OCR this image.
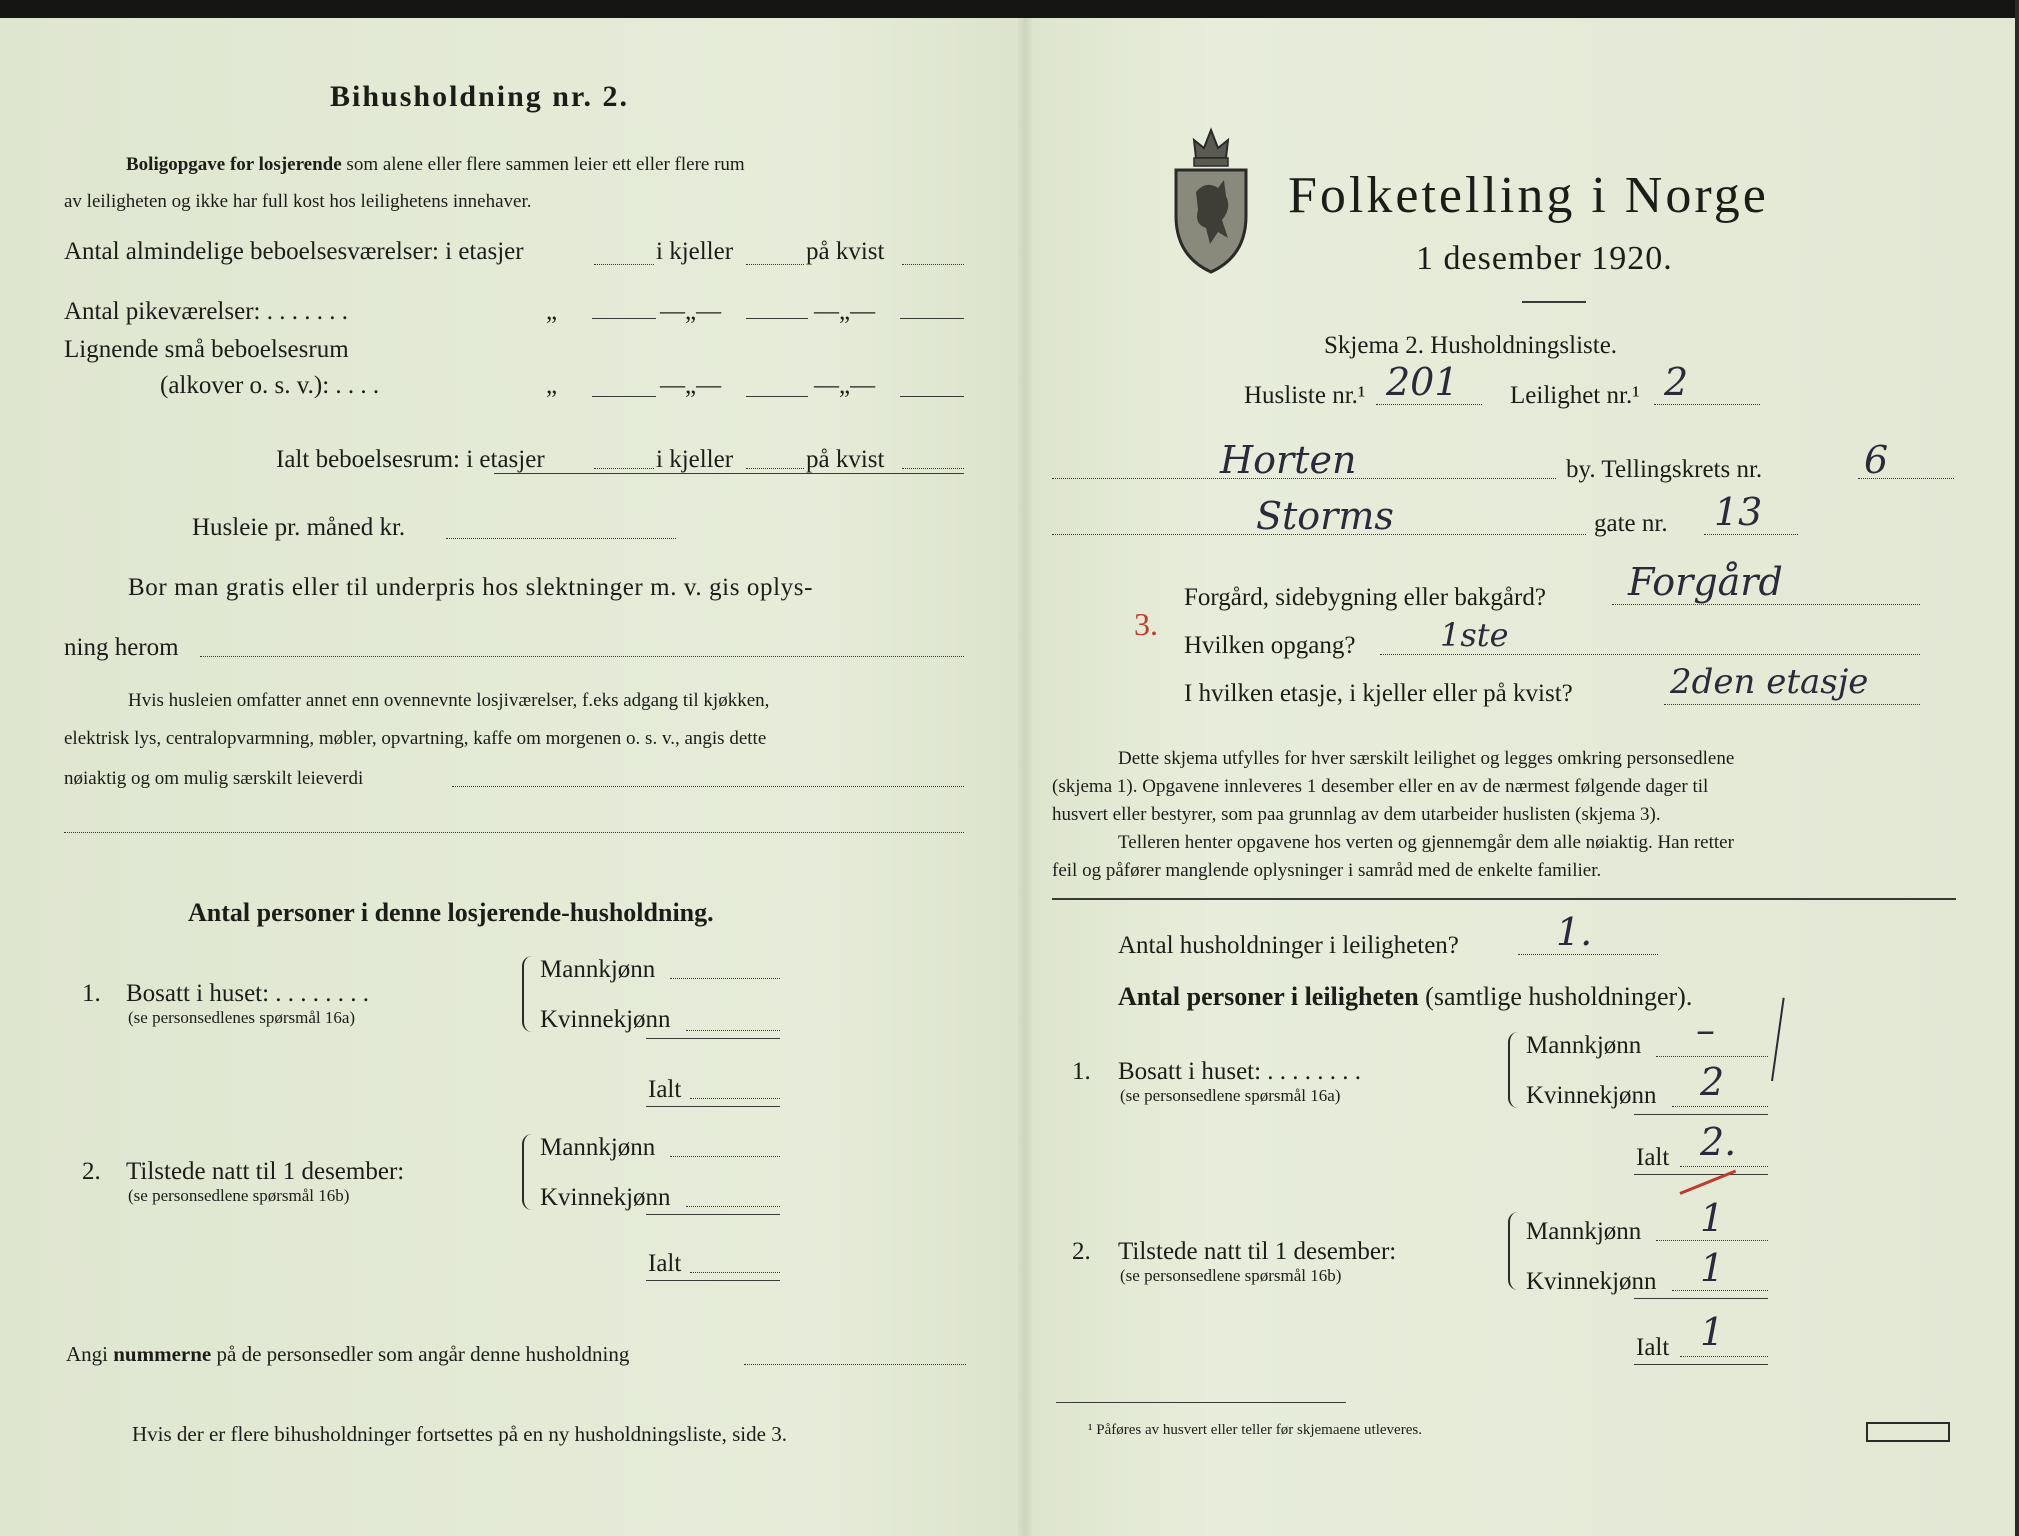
Bihusholdning nr. 2.
Boligopgave for losjerende som alene eller flere sammen leier ett eller flere rum
av leiligheten og ikke har full kost hos leilighetens innehaver.
Antal almindelige beboelsesværelser: i etasjer	i kjeller	på kvist
Antal pikeværelser: . . . . . . .	„	—„—	—„—
Lignende små beboelsesrum
(alkover o. s. v.): . . . .	„	—„—	—„—
Ialt beboelsesrum: i etasjer	i kjeller	på kvist
Husleie pr. måned kr.
Bor man gratis eller til underpris hos slektninger m. v. gis oplys-
ning herom
Hvis husleien omfatter annet enn ovennevnte losjiværelser, f.eks adgang til kjøkken,
elektrisk lys, centralopvarmning, møbler, opvartning, kaffe om morgenen o. s. v., angis dette
nøiaktig og om mulig særskilt leieverdi
Antal personer i denne losjerende-husholdning.
1. Bosatt i huset: . . . . . . . .
(se personsedlenes spørsmål 16a)
Mannkjønn
Kvinnekjønn
Ialt
2. Tilstede natt til 1 desember:
(se personsedlene spørsmål 16b)
Mannkjønn
Kvinnekjønn
Ialt
Angi nummerne på de personsedler som angår denne husholdning
Hvis der er flere bihusholdninger fortsettes på en ny husholdningsliste, side 3.
Folketelling i Norge
1 desember 1920.
Skjema 2. Husholdningsliste.
Husliste nr.¹ 201 Leilighet nr.¹ 2
Horten	by. Tellingskrets nr.	6
Storms	gate nr. 13
3.
Forgård, sidebygning eller bakgård? Forgård
Hvilken opgang?	1ste
I hvilken etasje, i kjeller eller på kvist?	2den etasje
Dette skjema utfylles for hver særskilt leilighet og legges omkring personsedlene
(skjema 1). Opgavene innleveres 1 desember eller en av de nærmest følgende dager til
husvert eller bestyrer, som paa grunnlag av dem utarbeider huslisten (skjema 3).
Telleren henter opgavene hos verten og gjennemgår dem alle nøiaktig. Han retter
feil og påfører manglende oplysninger i samråd med de enkelte familier.
Antal husholdninger i leiligheten?	1.
Antal personer i leiligheten (samtlige husholdninger).
1. Bosatt i huset: . . . . . . . .
(se personsedlene spørsmål 16a)
Mannkjønn –
Kvinnekjønn 2
Ialt 2.
2. Tilstede natt til 1 desember:
(se personsedlene spørsmål 16b)
Mannkjønn 1
Kvinnekjønn 1
Ialt 1
¹ Påføres av husvert eller teller før skjemaene utleveres.
